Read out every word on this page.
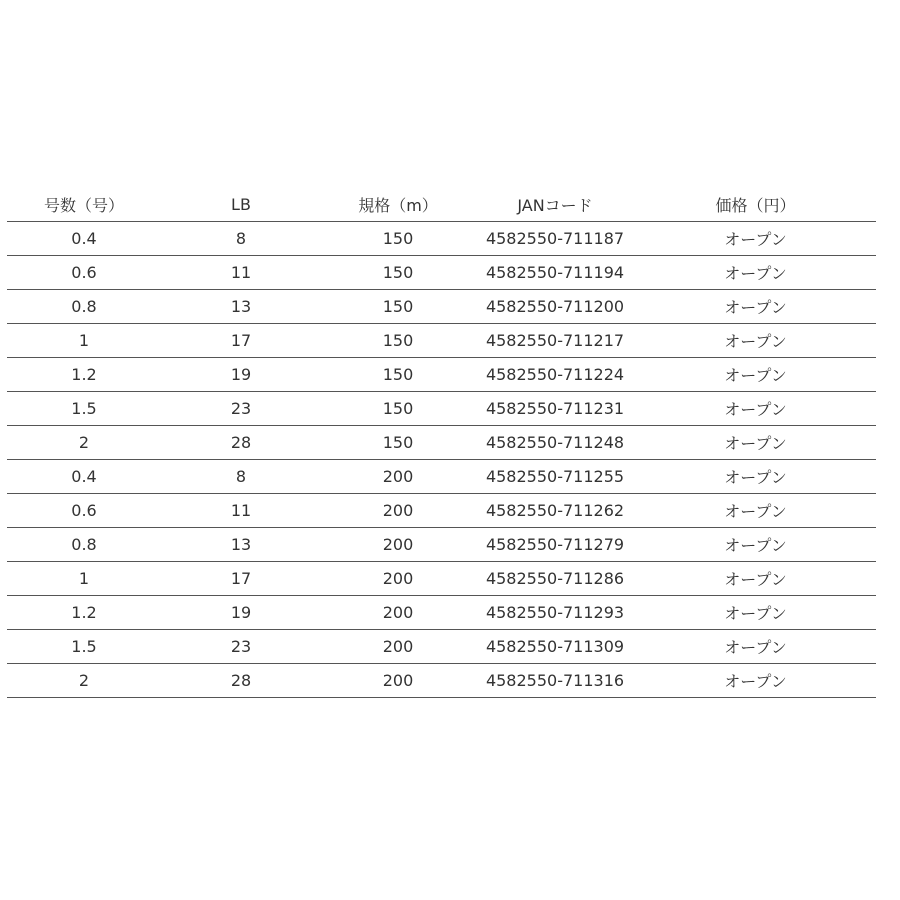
号数（号）	LB	規格（m）	JANコード	価格（円）
0.4	8	150	4582550-711187	オープン
0.6	11	150	4582550-711194	オープン
0.8	13	150	4582550-711200	オープン
1	17	150	4582550-711217	オープン
1.2	19	150	4582550-711224	オープン
1.5	23	150	4582550-711231	オープン
2	28	150	4582550-711248	オープン
0.4	8	200	4582550-711255	オープン
0.6	11	200	4582550-711262	オープン
0.8	13	200	4582550-711279	オープン
1	17	200	4582550-711286	オープン
1.2	19	200	4582550-711293	オープン
1.5	23	200	4582550-711309	オープン
2	28	200	4582550-711316	オープン
